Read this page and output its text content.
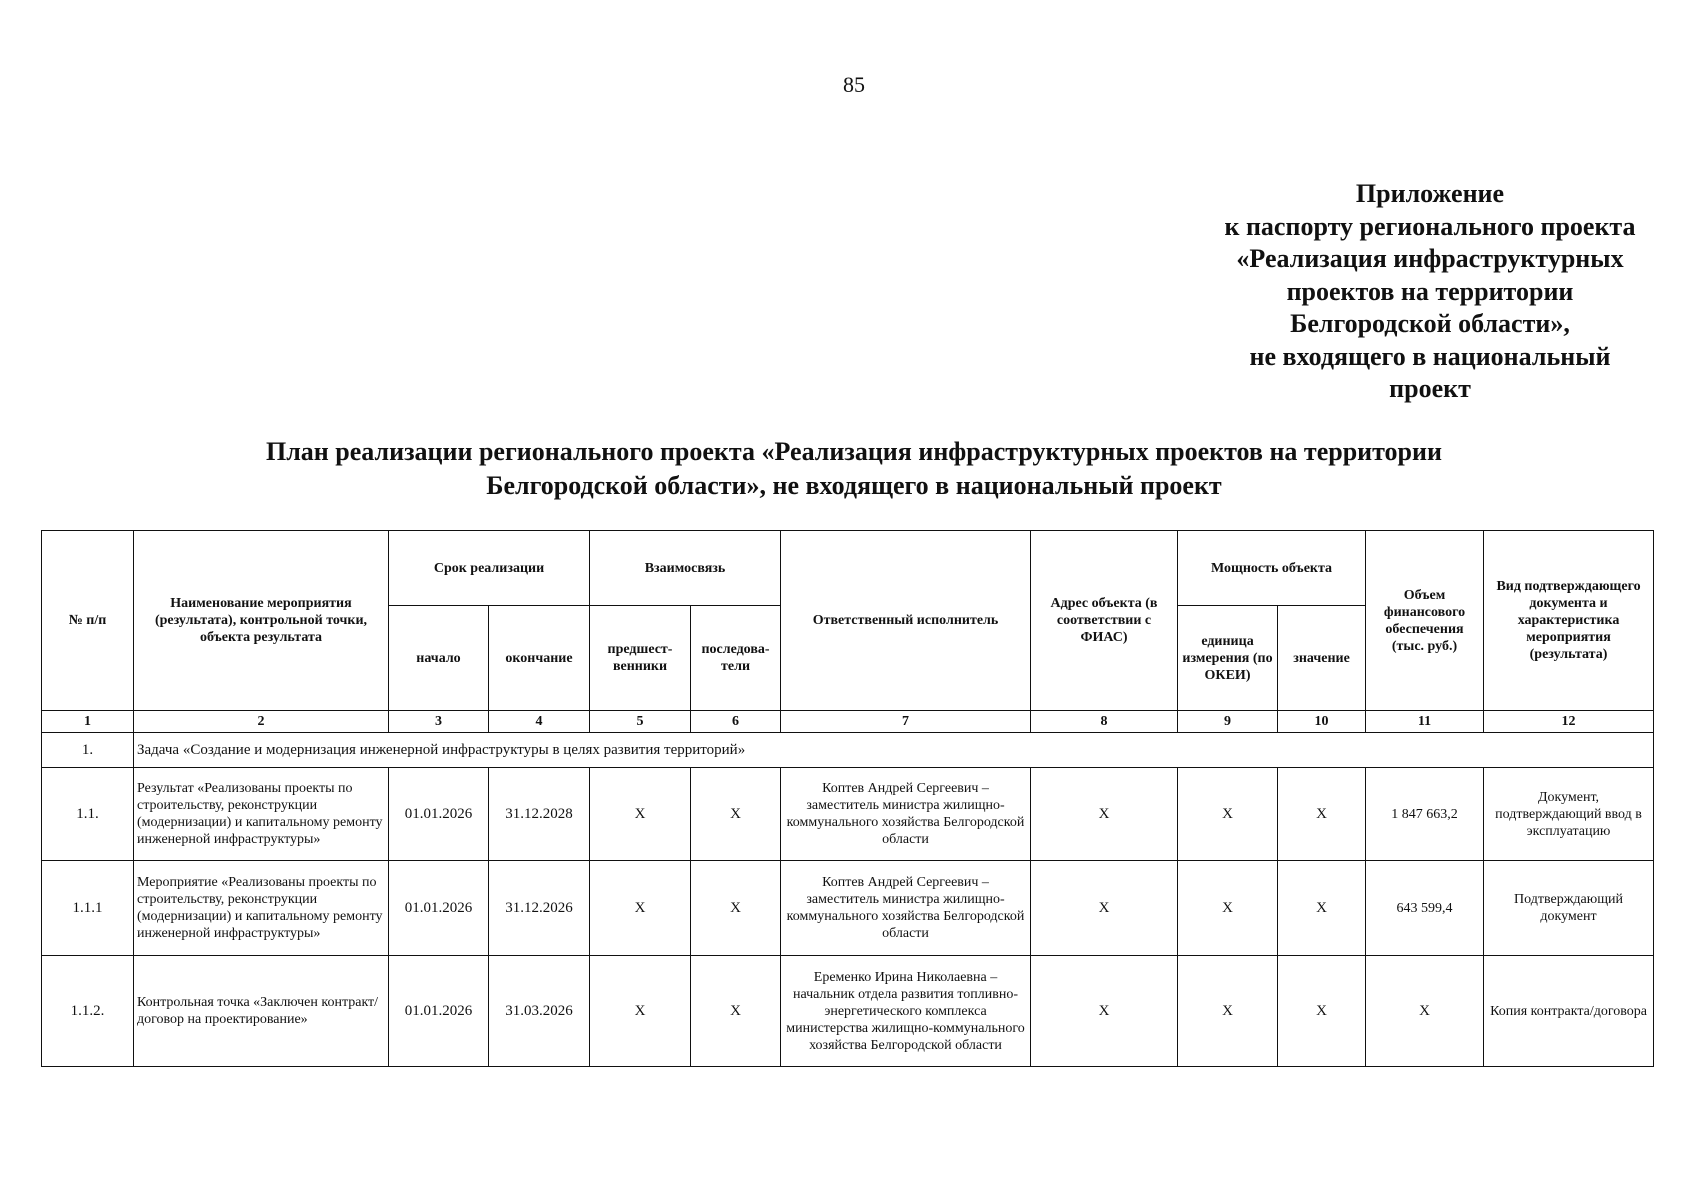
85
Приложение
к паспорту регионального проекта
«Реализация инфраструктурных
проектов на территории
Белгородской области»,
не входящего в национальный
проект
План реализации регионального проекта «Реализация инфраструктурных проектов на территории
Белгородской области», не входящего в национальный проект
№ п/п	Наименование мероприятия (результата), контрольной точки, объекта результата	Срок реализации		Взаимосвязь		Ответственный исполнитель	Адрес объекта (в соответствии с ФИАС)	Мощность объекта		Объем финансового обеспечения (тыс. руб.)	Вид подтверждающего документа и характеристика мероприятия (результата)
		начало	окончание	предшест-венники	последова-тели			единица измерения (по ОКЕИ)	значение		
1	2	3	4	5	6	7	8	9	10	11	12
1.	Задача «Создание и модернизация инженерной инфраструктуры в целях развития территорий»										
1.1.	Результат «Реализованы проекты по строительству, реконструкции (модернизации) и капитальному ремонту инженерной инфраструктуры»	01.01.2026	31.12.2028	X	X	Коптев Андрей Сергеевич – заместитель министра жилищно-коммунального хозяйства Белгородской области	X	X	X	1 847 663,2	Документ, подтверждающий ввод в эксплуатацию
1.1.1	Мероприятие «Реализованы проекты по строительству, реконструкции (модернизации) и капитальному ремонту инженерной инфраструктуры»	01.01.2026	31.12.2026	X	X	Коптев Андрей Сергеевич – заместитель министра жилищно-коммунального хозяйства Белгородской области	X	X	X	643 599,4	Подтверждающий документ
1.1.2.	Контрольная точка «Заключен контракт/договор на проектирование»	01.01.2026	31.03.2026	X	X	Еременко Ирина Николаевна – начальник отдела развития топливно-энергетического комплекса министерства жилищно-коммунального хозяйства Белгородской области	X	X	X	X	Копия контракта/договора
